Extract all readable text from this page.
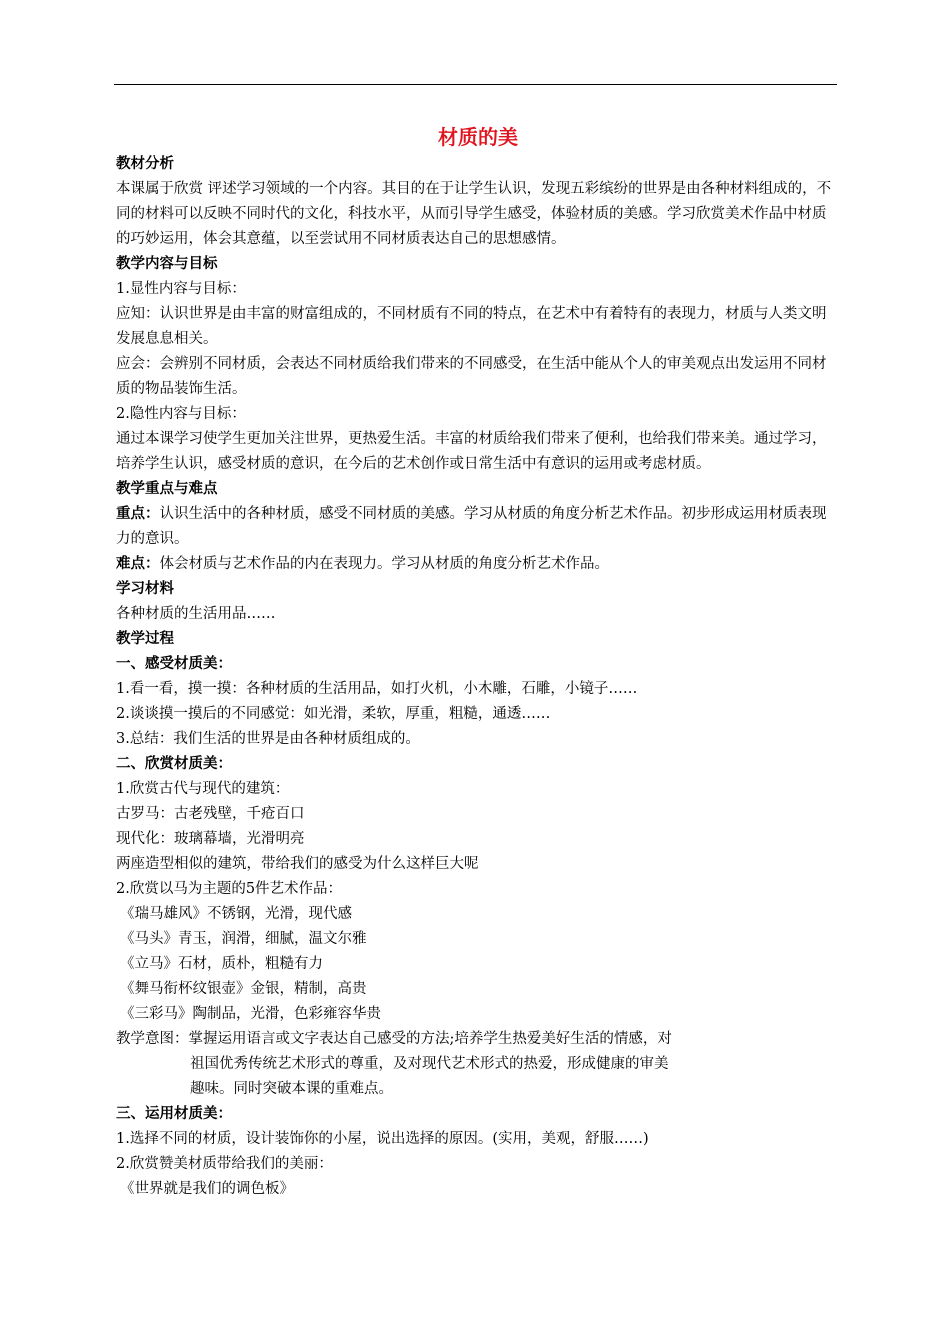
材质的美
教材分析
本课属于欣赏 评述学习领域的一个内容。其目的在于让学生认识，发现五彩缤纷的世界是由各种材料组成的，不同的材料可以反映不同时代的文化，科技水平，从而引导学生感受，体验材质的美感。学习欣赏美术作品中材质的巧妙运用，体会其意蕴，以至尝试用不同材质表达自己的思想感情。
教学内容与目标
1.显性内容与目标：
应知：认识世界是由丰富的财富组成的，不同材质有不同的特点，在艺术中有着特有的表现力，材质与人类文明发展息息相关。
应会：会辨别不同材质，会表达不同材质给我们带来的不同感受，在生活中能从个人的审美观点出发运用不同材质的物品装饰生活。
2.隐性内容与目标：
通过本课学习使学生更加关注世界，更热爱生活。丰富的材质给我们带来了便利，也给我们带来美。通过学习，培养学生认识，感受材质的意识，在今后的艺术创作或日常生活中有意识的运用或考虑材质。
教学重点与难点
重点：认识生活中的各种材质，感受不同材质的美感。学习从材质的角度分析艺术作品。初步形成运用材质表现力的意识。
难点：体会材质与艺术作品的内在表现力。学习从材质的角度分析艺术作品。
学习材料
各种材质的生活用品……
教学过程
一、感受材质美：
1.看一看，摸一摸：各种材质的生活用品，如打火机，小木雕，石雕，小镜子……
2.谈谈摸一摸后的不同感觉：如光滑，柔软，厚重，粗糙，通透……
3.总结：我们生活的世界是由各种材质组成的。
二、欣赏材质美：
1.欣赏古代与现代的建筑：
古罗马：古老残壁，千疮百口
现代化：玻璃幕墙，光滑明亮
两座造型相似的建筑，带给我们的感受为什么这样巨大呢
2.欣赏以马为主题的5件艺术作品：
《瑞马雄风》不锈钢，光滑，现代感
《马头》青玉，润滑，细腻，温文尔雅
《立马》石材，质朴，粗糙有力
《舞马衔杯纹银壶》金银，精制，高贵
《三彩马》陶制品，光滑，色彩雍容华贵
教学意图：掌握运用语言或文字表达自己感受的方法;培养学生热爱美好生活的情感，对
祖国优秀传统艺术形式的尊重，及对现代艺术形式的热爱，形成健康的审美
趣味。同时突破本课的重难点。
三、运用材质美：
1.选择不同的材质，设计装饰你的小屋，说出选择的原因。(实用，美观，舒服……)
2.欣赏赞美材质带给我们的美丽：
《世界就是我们的调色板》
